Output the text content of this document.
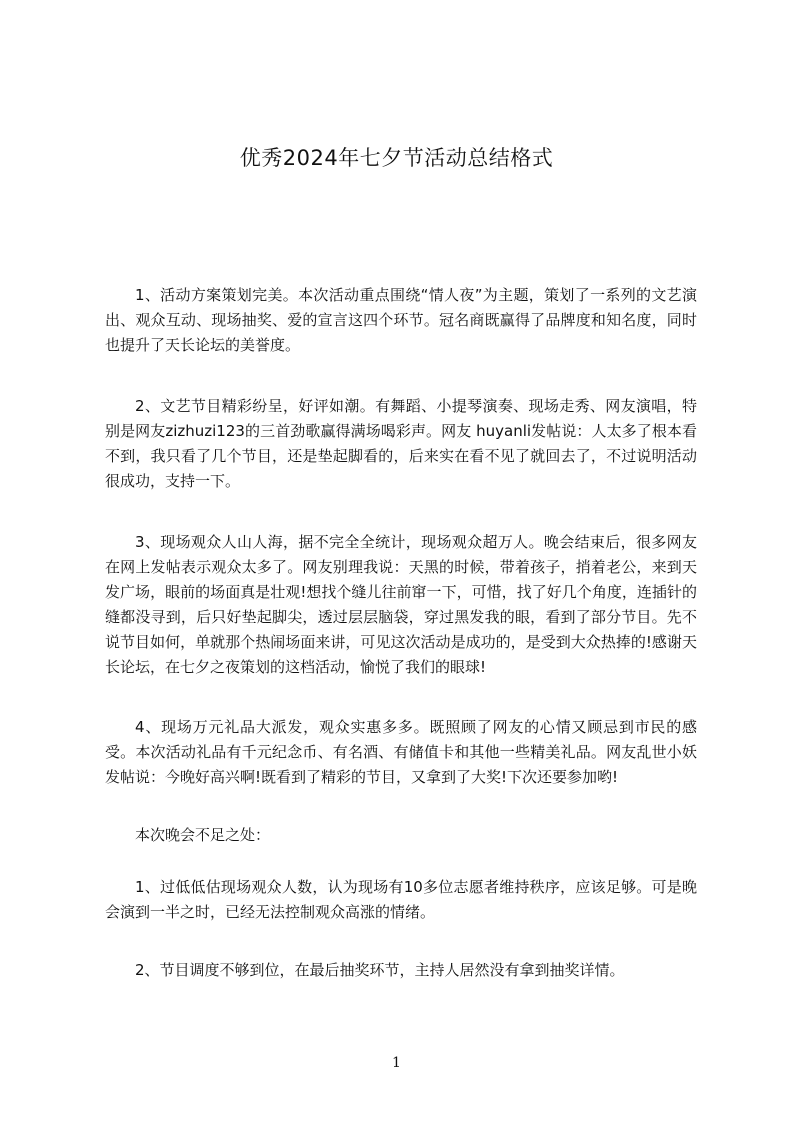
优秀2024年七夕节活动总结格式

1、活动方案策划完美。本次活动重点围绕“情人夜”为主题，策划了一系列的文艺演出、观众互动、现场抽奖、爱的宣言这四个环节。冠名商既赢得了品牌度和知名度，同时也提升了天长论坛的美誉度。

2、文艺节目精彩纷呈，好评如潮。有舞蹈、小提琴演奏、现场走秀、网友演唱，特别是网友zizhuzi123的三首劲歌赢得满场喝彩声。网友 huyanli发帖说：人太多了根本看不到，我只看了几个节目，还是垫起脚看的，后来实在看不见了就回去了，不过说明活动很成功，支持一下。

3、现场观众人山人海，据不完全全统计，现场观众超万人。晚会结束后，很多网友在网上发帖表示观众太多了。网友别理我说：天黑的时候，带着孩子，捎着老公，来到天发广场，眼前的场面真是壮观!想找个缝儿往前窜一下，可惜，找了好几个角度，连插针的缝都没寻到，后只好垫起脚尖，透过层层脑袋，穿过黑发我的眼，看到了部分节目。先不说节目如何，单就那个热闹场面来讲，可见这次活动是成功的，是受到大众热捧的!感谢天长论坛，在七夕之夜策划的这档活动，愉悦了我们的眼球!

4、现场万元礼品大派发，观众实惠多多。既照顾了网友的心情又顾忌到市民的感受。本次活动礼品有千元纪念币、有名酒、有储值卡和其他一些精美礼品。网友乱世小妖发帖说：今晚好高兴啊!既看到了精彩的节目，又拿到了大奖!下次还要参加哟!

本次晚会不足之处：

1、过低低估现场观众人数，认为现场有10多位志愿者维持秩序，应该足够。可是晚会演到一半之时，已经无法控制观众高涨的情绪。

2、节目调度不够到位，在最后抽奖环节，主持人居然没有拿到抽奖详情。

1
